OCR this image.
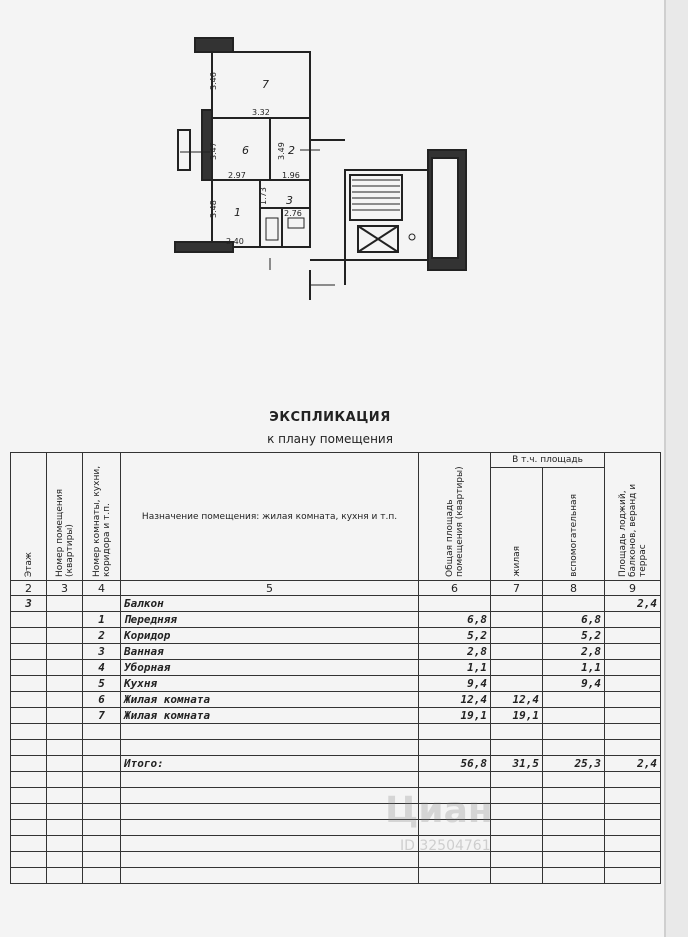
3.46
3.32
3.47	3.49
2.97	1.96
3.48
1.73
2.76
2.40
7
6	2
1
3
ЭКСПЛИКАЦИЯ
к плану помещения
Этаж	Номер помещения (квартиры)	Номер комнаты, кухни, коридора и т.п.	Назначение помещения: жилая комната, кухня и т.п.	Общая площадь помещения (квартиры)	В т.ч. площадь		Площадь лоджий, балконов, веранд и террас
					жилая	вспомогательная	
2	3	4	5	6	7	8	9
3			Балкон				2,4
		1	Передняя	6,8		6,8	
		2	Коридор	5,2		5,2	
		3	Ванная	2,8		2,8	
		4	Уборная	1,1		1,1	
		5	Кухня	9,4		9,4	
		6	Жилая комната	12,4	12,4		
		7	Жилая комната	19,1	19,1		

			Итого:	56,8	31,5	25,3	2,4

Циан
ID 32504761
